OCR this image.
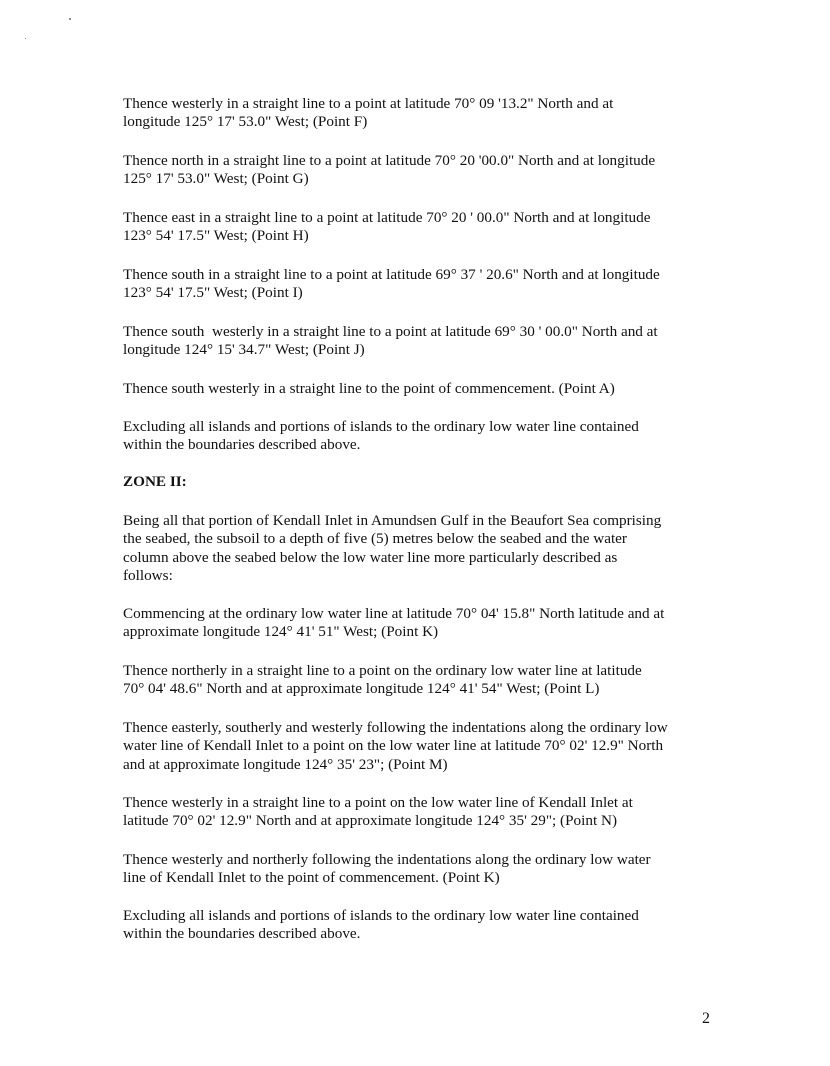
Thence westerly in a straight line to a point at latitude 70° 09 '13.2" North and at
longitude 125° 17' 53.0" West; (Point F)
Thence north in a straight line to a point at latitude 70° 20 '00.0" North and at longitude
125° 17' 53.0" West; (Point G)
Thence east in a straight line to a point at latitude 70° 20 ' 00.0" North and at longitude
123° 54' 17.5" West; (Point H)
Thence south in a straight line to a point at latitude 69° 37 ' 20.6" North and at longitude
123° 54' 17.5" West; (Point I)
Thence south  westerly in a straight line to a point at latitude 69° 30 ' 00.0" North and at
longitude 124° 15' 34.7" West; (Point J)
Thence south westerly in a straight line to the point of commencement. (Point A)
Excluding all islands and portions of islands to the ordinary low water line contained
within the boundaries described above.
ZONE II:
Being all that portion of Kendall Inlet in Amundsen Gulf in the Beaufort Sea comprising
the seabed, the subsoil to a depth of five (5) metres below the seabed and the water
column above the seabed below the low water line more particularly described as
follows:
Commencing at the ordinary low water line at latitude 70° 04' 15.8" North latitude and at
approximate longitude 124° 41' 51" West; (Point K)
Thence northerly in a straight line to a point on the ordinary low water line at latitude
70° 04' 48.6" North and at approximate longitude 124° 41' 54" West; (Point L)
Thence easterly, southerly and westerly following the indentations along the ordinary low
water line of Kendall Inlet to a point on the low water line at latitude 70° 02' 12.9" North
and at approximate longitude 124° 35' 23"; (Point M)
Thence westerly in a straight line to a point on the low water line of Kendall Inlet at
latitude 70° 02' 12.9" North and at approximate longitude 124° 35' 29"; (Point N)
Thence westerly and northerly following the indentations along the ordinary low water
line of Kendall Inlet to the point of commencement. (Point K)
Excluding all islands and portions of islands to the ordinary low water line contained
within the boundaries described above.
2
